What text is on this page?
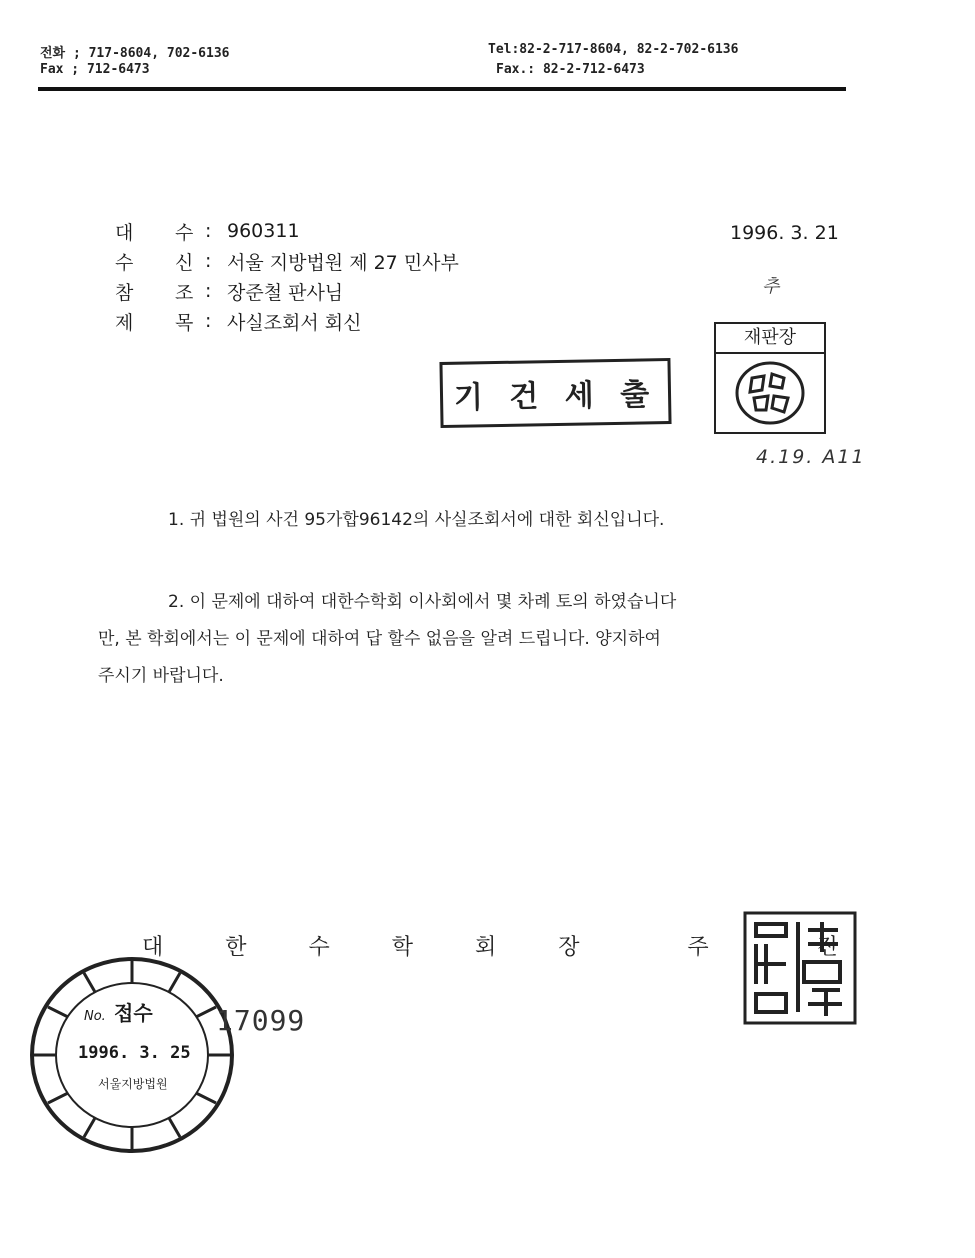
전화 ; 717-8604, 702-6136
Fax ; 712-6473
Tel:82-2-717-8604, 82-2-702-6136
Fax.: 82-2-712-6473
대	수 : 960311
수	신 : 서울 지방법원 제 27 민사부
참	조 : 장준철 판사님
제	목 : 사실조회서 회신
1996. 3. 21
추
기 건 세 출
재판장
4.19. A11
1. 귀 법원의 사건 95가합96142의 사실조회서에 대한 회신입니다.
2. 이 문제에 대하여 대한수학회 이사회에서 몇 차례 토의 하였습니다
만, 본 학회에서는 이 문제에 대하여 답 할수 없음을 알려 드립니다. 양지하여
주시기 바랍니다.
대  한  수  학  회  장    주    진
No. 접수
1996. 3. 25
서울지방법원
17099
